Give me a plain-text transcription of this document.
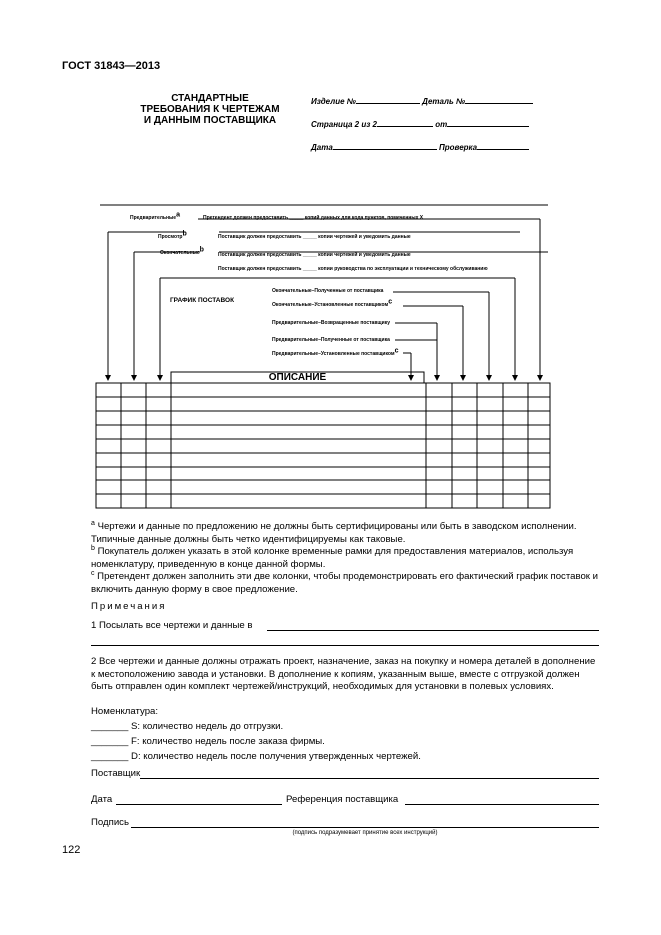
ГОСТ 31843—2013
СТАНДАРТНЫЕ ТРЕБОВАНИЯ К ЧЕРТЕЖАМ И ДАННЫМ ПОСТАВЩИКА
Изделие №	Деталь №
Страница 2 из 2	от
Дата	Проверка
Предварительныеа	Претендент должен предоставить _____ копий данных для кода пунктов, помеченных X
Просмотрb	Поставщик должен предоставить _____ копии чертежей и уведомить данные
Окончательныеb
Поставщик должен предоставить _____ копии чертежей и уведомить данные
Поставщик должен предоставить _____ копии руководства по эксплуатации и техническому обслуживанию
ГРАФИК ПОСТАВОК
Окончательные–Полученные от поставщика
Окончательные–Установленные поставщикомc
Предварительные–Возвращенные поставщику
Предварительные–Полученные от поставщика
Предварительные–Установленные поставщикомc
ОПИСАНИЕ

$^а$ Чертежи и данные по предложению не должны быть сертифицированы или быть в заводском исполнении. Типичные данные должны быть четко идентифицируемы как таковые.

$^b$ Покупатель должен указать в этой колонке временные рамки для предоставления материалов, используя номенклатуру, приведенную в конце данной формы.

$^c$ Претендент должен заполнить эти две колонки, чтобы продемонстрировать его фактический график поставок и включить данную форму в свое предложение.

Примечания
1 Посылать все чертежи и данные в
2 Все чертежи и данные должны отражать проект, назначение, заказ на покупку и номера деталей в дополнение к местоположению завода и установки. В дополнение к копиям, указанным выше, вместе с отгрузкой должен быть отправлен один комплект чертежей/инструкций, необходимых для установки в полевых условиях.
Номенклатура:
_______ S: количество недель до отгрузки.
_______ F: количество недель после заказа фирмы.
_______ D: количество недель после получения утвержденных чертежей.
Поставщик
Дата	Референция поставщика
Подпись
(подпись подразумевает принятие всех инструкций)
122
